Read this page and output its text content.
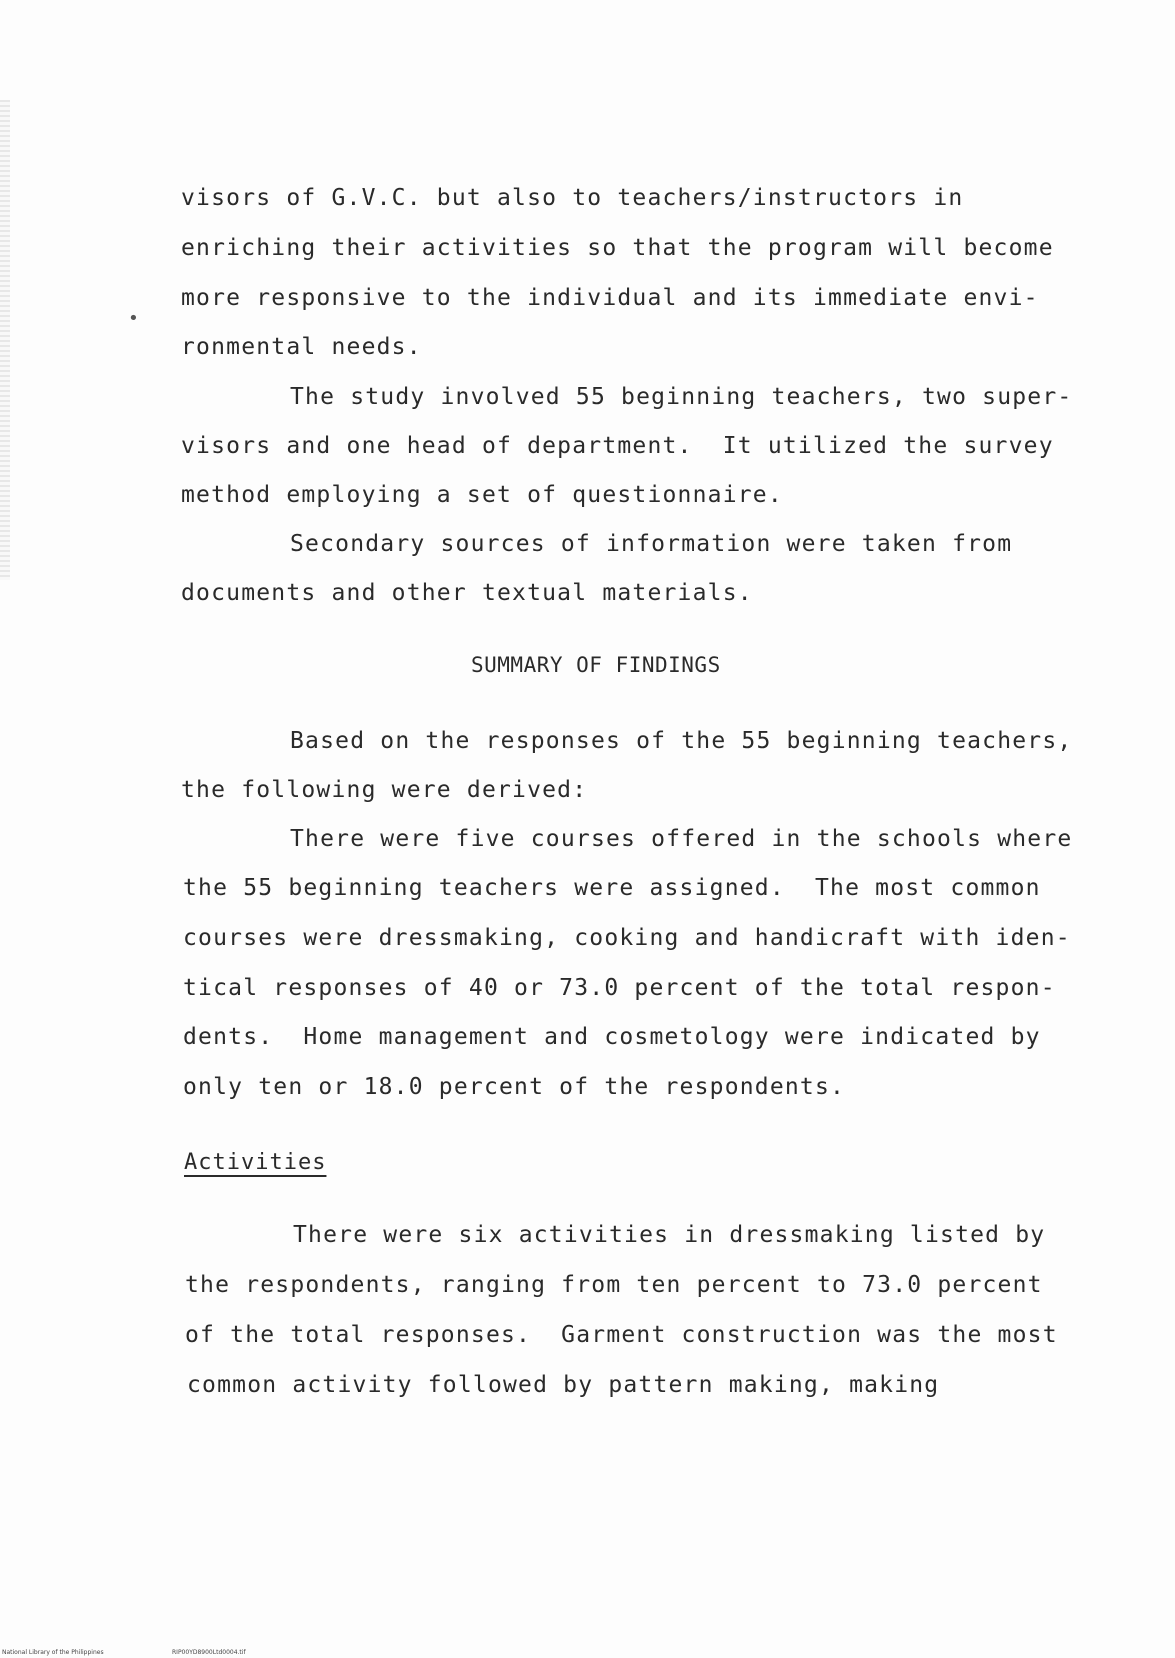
•
visors of G.V.C. but also to teachers/instructors in
enriching their activities so that the program will become
more responsive to the individual and its immediate envi-
ronmental needs.
The study involved 55 beginning teachers, two super-
visors and one head of department.  It utilized the survey
method employing a set of questionnaire.
Secondary sources of information were taken from
documents and other textual materials.
SUMMARY OF FINDINGS
Based on the responses of the 55 beginning teachers,
the following were derived:
There were five courses offered in the schools where
the 55 beginning teachers were assigned.  The most common
courses were dressmaking, cooking and handicraft with iden-
tical responses of 40 or 73.0 percent of the total respon-
dents.  Home management and cosmetology were indicated by
only ten or 18.0 percent of the respondents.
Activities
There were six activities in dressmaking listed by
the respondents, ranging from ten percent to 73.0 percent
of the total responses.  Garment construction was the most
common activity followed by pattern making, making
National Library of the Philippines	RIP00YD8900Ltd0004.tif
